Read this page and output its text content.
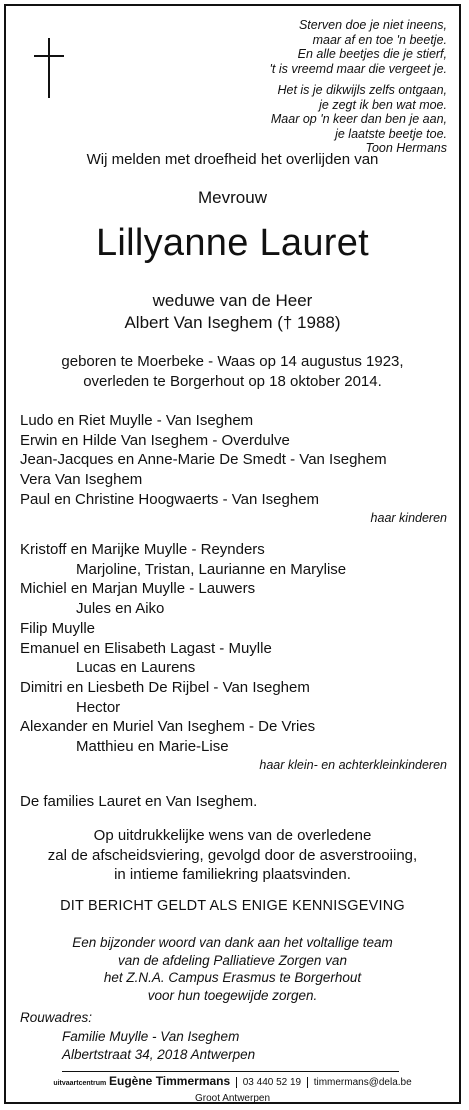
Sterven doe je niet ineens,
maar af en toe 'n beetje.
En alle beetjes die je stierf,
't is vreemd maar die vergeet je.
Het is je dikwijls zelfs ontgaan,
je zegt ik ben wat moe.
Maar op 'n keer dan ben je aan,
je laatste beetje toe.
Toon Hermans
Wij melden met droefheid het overlijden van
Mevrouw
Lillyanne Lauret
weduwe van de Heer
Albert Van Iseghem († 1988)
geboren te Moerbeke - Waas op 14 augustus 1923,
overleden te Borgerhout op 18 oktober 2014.
Ludo en Riet Muylle - Van Iseghem
Erwin en Hilde Van Iseghem - Overdulve
Jean-Jacques en Anne-Marie De Smedt - Van Iseghem
Vera Van Iseghem
Paul en Christine Hoogwaerts - Van Iseghem
haar kinderen
Kristoff en Marijke Muylle - Reynders
Marjoline, Tristan, Laurianne en Marylise
Michiel en Marjan Muylle - Lauwers
Jules en Aiko
Filip Muylle
Emanuel en Elisabeth Lagast - Muylle
Lucas en Laurens
Dimitri en Liesbeth De Rijbel - Van Iseghem
Hector
Alexander en Muriel Van Iseghem - De Vries
Matthieu en Marie-Lise
haar klein- en achterkleinkinderen
De families Lauret en Van Iseghem.
Op uitdrukkelijke wens van de overledene
zal de afscheidsviering, gevolgd door de asverstrooiing,
in intieme familiekring plaatsvinden.
DIT BERICHT GELDT ALS ENIGE KENNISGEVING
Een bijzonder woord van dank aan het voltallige team
van de afdeling Palliatieve Zorgen van
het Z.N.A. Campus Erasmus te Borgerhout
voor hun toegewijde zorgen.
Rouwadres:
Familie Muylle - Van Iseghem
Albertstraat 34, 2018 Antwerpen
uitvaartcentrum Eugène Timmermans 03 440 52 19 timmermans@dela.be
Groot Antwerpen
